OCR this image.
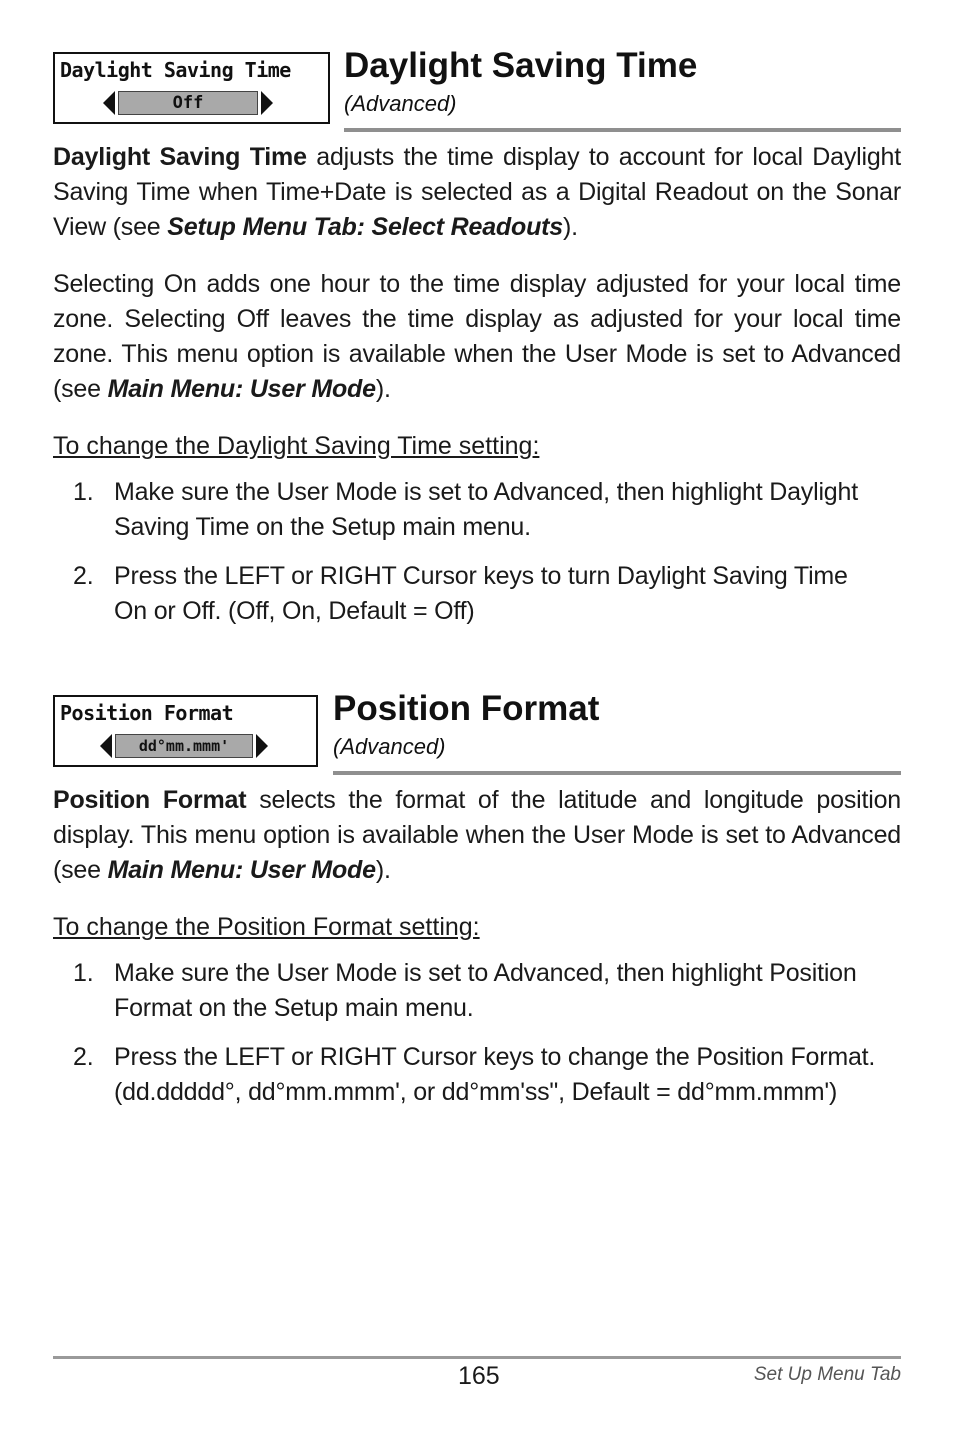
Daylight Saving Time
Off
Daylight Saving Time
(Advanced)

Daylight Saving Time adjusts the time display to account for local Daylight Saving Time when Time+Date is selected as a Digital Readout on the Sonar View (see Setup Menu Tab: Select Readouts).

Selecting On adds one hour to the time display adjusted for your local time zone. Selecting Off leaves the time display as adjusted for your local time zone. This menu option is available when the User Mode is set to Advanced (see Main Menu: User Mode).

To change the Daylight Saving Time setting:
1. Make sure the User Mode is set to Advanced, then highlight Daylight Saving Time on the Setup main menu.
2. Press the LEFT or RIGHT Cursor keys to turn Daylight Saving Time On or Off. (Off, On, Default = Off)
Position Format
dd°mm.mmm'
Position Format
(Advanced)

Position Format selects the format of the latitude and longitude position display. This menu option is available when the User Mode is set to Advanced (see Main Menu: User Mode).

To change the Position Format setting:
1. Make sure the User Mode is set to Advanced, then highlight Position Format on the Setup main menu.
2. Press the LEFT or RIGHT Cursor keys to change the Position Format. (dd.ddddd°, dd°mm.mmm', or dd°mm'ss", Default = dd°mm.mmm')
165	Set Up Menu Tab
